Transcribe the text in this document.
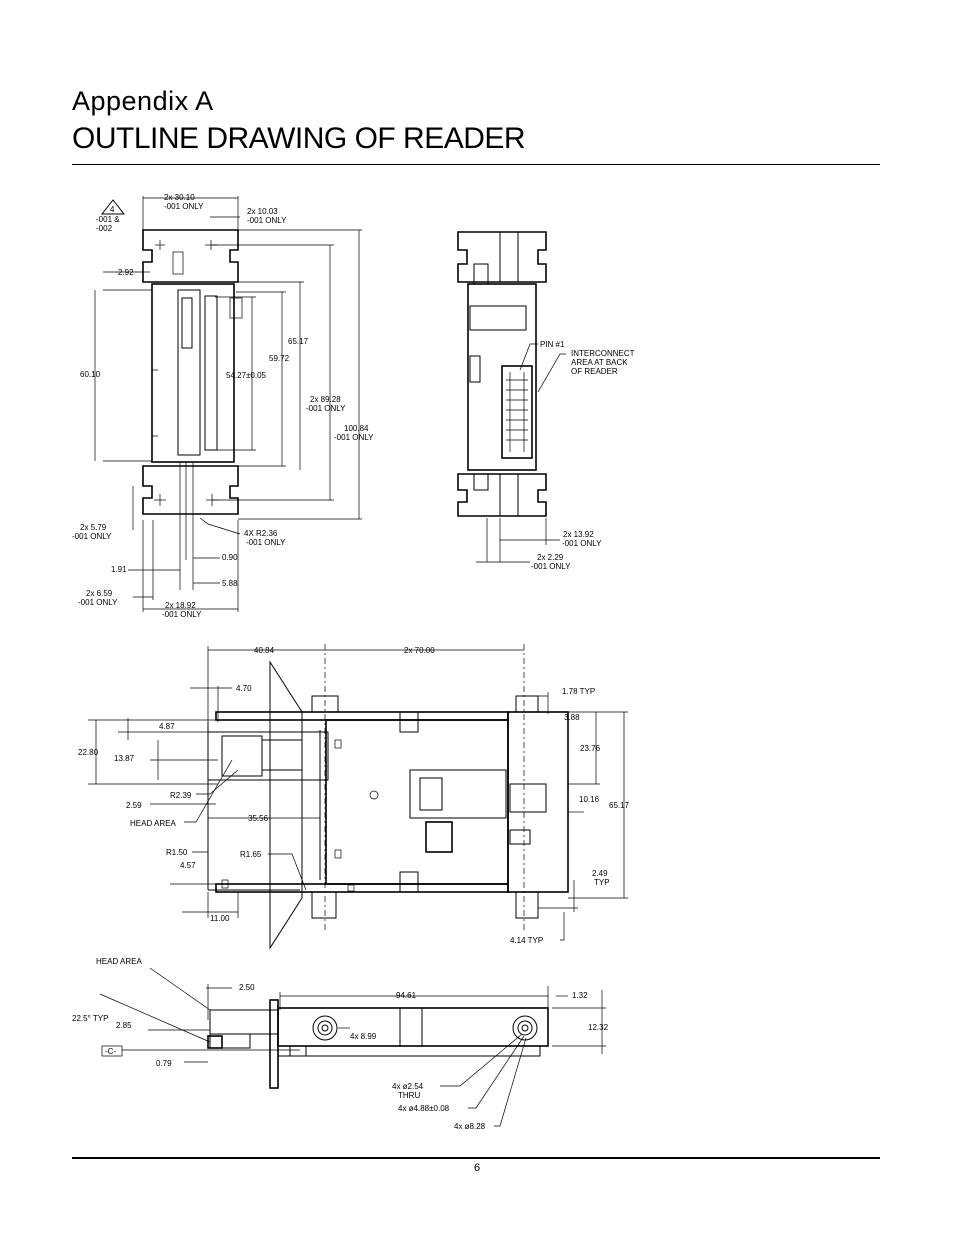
Appendix A
OUTLINE DRAWING OF READER
4
-001 &
-002
2x 30.10
-001 ONLY
2x 10.03
-001 ONLY
2.92
60.10	54.27±0.05
59.72
65.17
2x 89.28
-001 ONLY
100.84
-001 ONLY
2x 5.79
-001 ONLY	4X R2.36
-001 ONLY
0.90
1.91
5.88
2x 6.59
-001 ONLY	2x 18.92
-001 ONLY
PIN #1
INTERCONNECT
AREA AT BACK
OF READER
2x 13.92
-001 ONLY
2x 2.29
-001 ONLY
40.84	2x 70.00
4.70	1.78 TYP
3.88
23.76
10.16
65.17
2.49
TYP
4.14 TYP
4.87
22.80
13.87
R2.39
2.59
HEAD AREA
35.56
R1.50
4.57
R1.65
11.00
HEAD AREA
2.50
94.61	1.32
22.5° TYP
2.85
4x 8.99
12.32
-C-
0.79
4x ø2.54
THRU
4x ø4.88±0.08
4x ø8.28
6
